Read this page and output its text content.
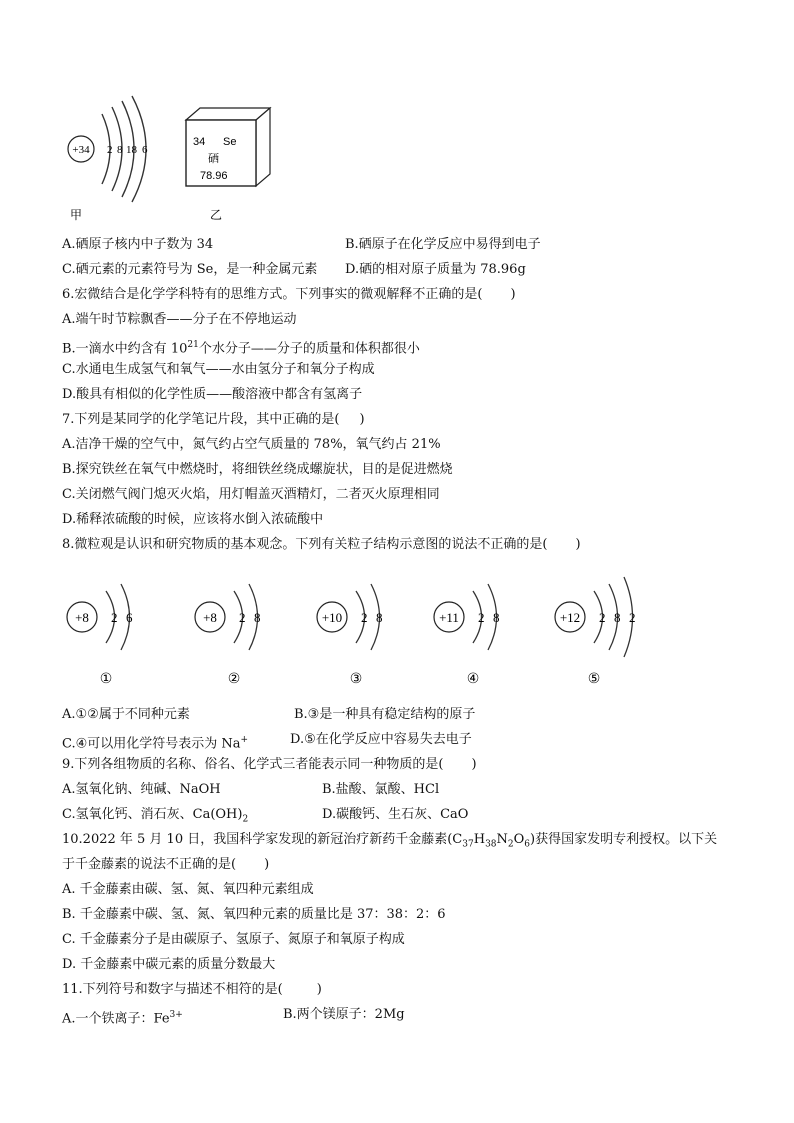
+34 2 8 18 6
34 Se
硒
78.96
甲	乙
A.硒原子核内中子数为 34	B.硒原子在化学反应中易得到电子
C.硒元素的元素符号为 Se，是一种金属元素 D.硒的相对原子质量为 78.96g
6.宏微结合是化学学科特有的思维方式。下列事实的微观解释不正确的是( )
A.端午时节粽飘香——分子在不停地运动
B.一滴水中约含有 $10^{21}$个水分子——分子的质量和体积都很小
C.水通电生成氢气和氧气——水由氢分子和氧分子构成
D.酸具有相似的化学性质——酸溶液中都含有氢离子
7.下列是某同学的化学笔记片段，其中正确的是( )
A.洁净干燥的空气中，氮气约占空气质量的 78%，氧气约占 21%
B.探究铁丝在氧气中燃烧时，将细铁丝绕成螺旋状，目的是促进燃烧
C.关闭燃气阀门熄灭火焰，用灯帽盖灭酒精灯，二者灭火原理相同
D.稀释浓硫酸的时候，应该将水倒入浓硫酸中
8.微粒观是认识和研究物质的基本观念。下列有关粒子结构示意图的说法不正确的是( )
+8 2 6
①
+8 2 8
②
+10 2 8
③
+11 2 8
④
+12 2 8 2
⑤
A.①②属于不同种元素	B.③是一种具有稳定结构的原子
C.④可以用化学符号表示为 Na+	D.⑤在化学反应中容易失去电子
9.下列各组物质的名称、俗名、化学式三者能表示同一种物质的是( )
A.氢氧化钠、纯碱、NaOH	B.盐酸、氯酸、HCl
C.氢氧化钙、消石灰、$Ca(OH)_2$	D.碳酸钙、生石灰、CaO
10.2022 年 5 月 10 日，我国科学家发现的新冠治疗新药千金藤素$(C_{37}H_{38}N_2O_6)$获得国家发明专利授权。以下关
于千金藤素的说法不正确的是( )
A. 千金藤素由碳、氢、氮、氧四种元素组成
B. 千金藤素中碳、氢、氮、氧四种元素的质量比是 37：38：2：6
C. 千金藤素分子是由碳原子、氢原子、氮原子和氧原子构成
D. 千金藤素中碳元素的质量分数最大
11.下列符号和数字与描述不相符的是(	)
A.一个铁离子：$Fe^{3+}$	B.两个镁原子：2Mg
